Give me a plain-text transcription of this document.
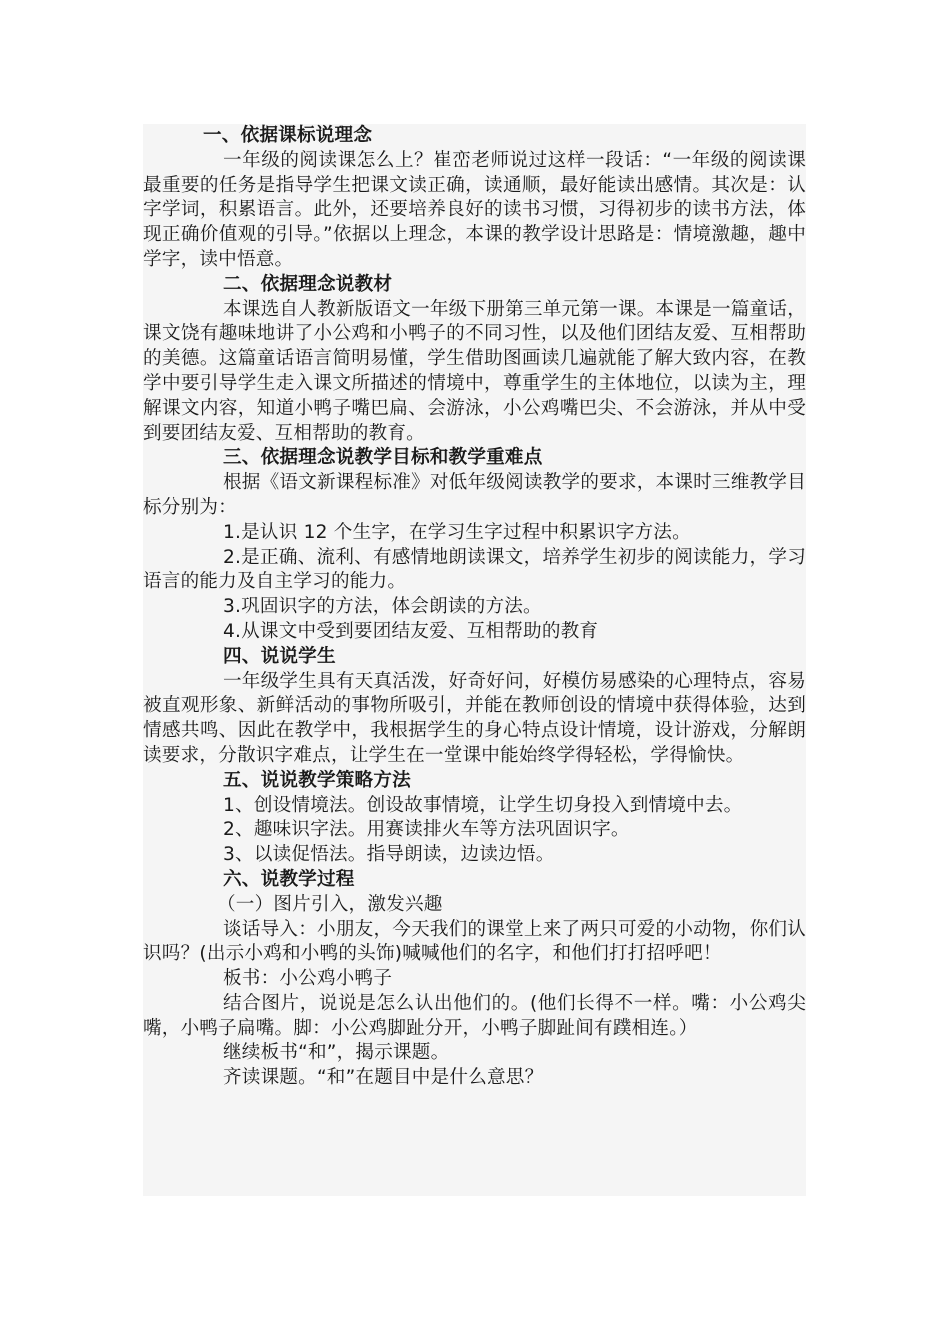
一、依据课标说理念

一年级的阅读课怎么上？崔峦老师说过这样一段话：“一年级的阅读课最重要的任务是指导学生把课文读正确，读通顺，最好能读出感情。其次是：认字学词，积累语言。此外，还要培养良好的读书习惯，习得初步的读书方法，体现正确价值观的引导。”依据以上理念，本课的教学设计思路是：情境激趣，趣中学字，读中悟意。

二、依据理念说教材

本课选自人教新版语文一年级下册第三单元第一课。本课是一篇童话，课文饶有趣味地讲了小公鸡和小鸭子的不同习性，以及他们团结友爱、互相帮助的美德。这篇童话语言简明易懂，学生借助图画读几遍就能了解大致内容，在教学中要引导学生走入课文所描述的情境中，尊重学生的主体地位，以读为主，理解课文内容，知道小鸭子嘴巴扁、会游泳，小公鸡嘴巴尖、不会游泳，并从中受到要团结友爱、互相帮助的教育。

三、依据理念说教学目标和教学重难点

根据《语文新课程标准》对低年级阅读教学的要求，本课时三维教学目标分别为：

1.是认识 12 个生字，在学习生字过程中积累识字方法。

2.是正确、流利、有感情地朗读课文，培养学生初步的阅读能力，学习语言的能力及自主学习的能力。

3.巩固识字的方法，体会朗读的方法。

4.从课文中受到要团结友爱、互相帮助的教育

四、说说学生

一年级学生具有天真活泼，好奇好问，好模仿易感染的心理特点，容易被直观形象、新鲜活动的事物所吸引，并能在教师创设的情境中获得体验，达到情感共鸣、因此在教学中，我根据学生的身心特点设计情境，设计游戏，分解朗读要求，分散识字难点，让学生在一堂课中能始终学得轻松，学得愉快。

五、说说教学策略方法

1、创设情境法。创设故事情境，让学生切身投入到情境中去。

2、趣味识字法。用赛读排火车等方法巩固识字。

3、以读促悟法。指导朗读，边读边悟。

六、说教学过程

（一）图片引入，激发兴趣

谈话导入：小朋友，今天我们的课堂上来了两只可爱的小动物，你们认识吗？(出示小鸡和小鸭的头饰)喊喊他们的名字，和他们打打招呼吧！

板书：小公鸡小鸭子

结合图片，说说是怎么认出他们的。(他们长得不一样。嘴：小公鸡尖嘴，小鸭子扁嘴。脚：小公鸡脚趾分开，小鸭子脚趾间有蹼相连。）

继续板书“和”，揭示课题。

齐读课题。“和”在题目中是什么意思？
